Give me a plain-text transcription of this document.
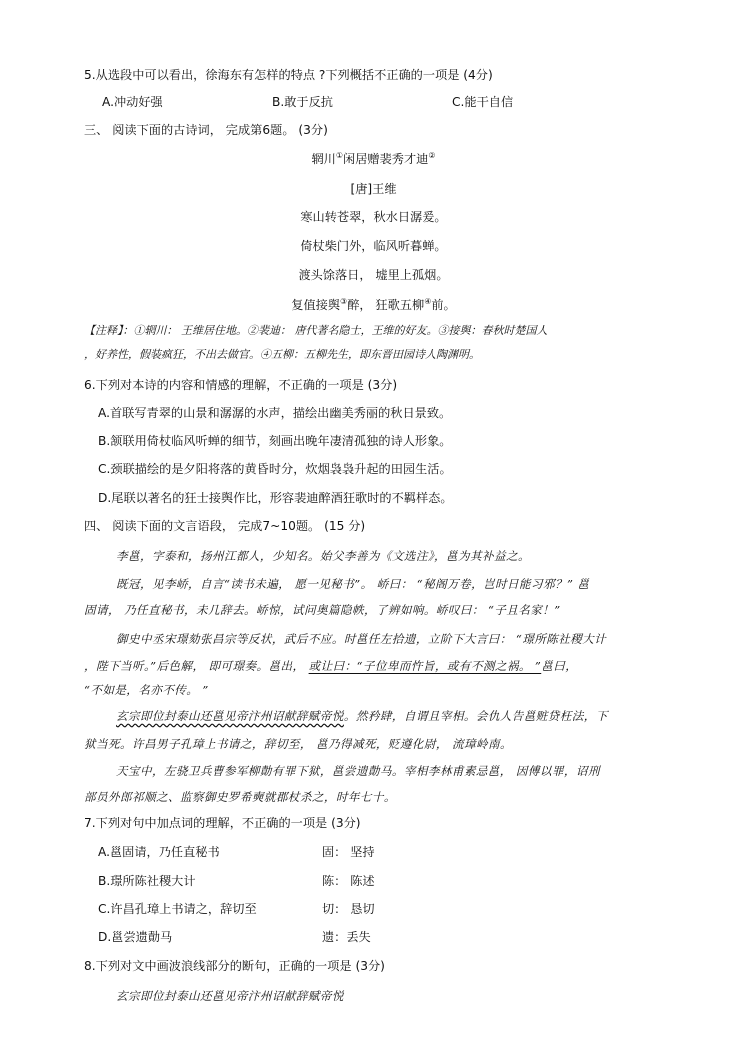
5.从选段中可以看出，徐海东有怎样的特点 ?下列概括不正确的一项是 (4分)
A.冲动好强	B.敢于反抗	C.能干自信
三、 阅读下面的古诗词， 完成第6题。 (3分)
辋川①闲居赠裴秀才迪②
[唐]王维
寒山转苍翠，秋水日潺爰。
倚杖柴门外，临风听暮蝉。
渡头馀落日， 墟里上孤烟。
复值接舆③醉， 狂歌五柳④前。
【注释】：①辋川： 王维居住地。②裴迪： 唐代著名隐士，王维的好友。③接舆：春秋时楚国人
，好养性，假装疯狂，不出去做官。④五柳：五柳先生，即东晋田园诗人陶渊明。
6.下列对本诗的内容和情感的理解，不正确的一项是 (3分)
A.首联写青翠的山景和潺潺的水声，描绘出幽美秀丽的秋日景致。
B.颔联用倚杖临风听蝉的细节，刻画出晚年凄清孤独的诗人形象。
C.颈联描绘的是夕阳将落的黄昏时分，炊烟袅袅升起的田园生活。
D.尾联以著名的狂士接舆作比，形容裴迪醉酒狂歌时的不羁样态。
四、 阅读下面的文言语段， 完成7~10题。 (15 分)
李邕，字泰和，扬州江都人，少知名。始父李善为《文选注》，邕为其补益之。
既冠，见李峤，自言“读书未遍， 愿一见秘书”。 峤曰： “秘阁万卷，岂时日能习邪？” 邕
固请， 乃任直秘书，未几辞去。峤惊，试问奥篇隐帙，了辨如响。峤叹曰： “子且名家！”
御史中丞宋璟劾张昌宗等反状，武后不应。时邕任左拾遗，立阶下大言曰： “璟所陈社稷大计
，陛下当听。”后色解， 即可璟奏。邕出， 或让曰：“子位卑而忤旨，或有不测之祸。 ”邕曰，
“不如是，名亦不传。 ”
玄宗即位封泰山还邕见帝汴州诏献辞赋帝悦。然矜肆，自谓且宰相。会仇人告邕赃贷枉法，下
狱当死。许昌男子孔璋上书请之，辞切至， 邕乃得减死，贬遵化尉， 流璋岭南。
天宝中，左骁卫兵曹参军柳勣有罪下狱，邕尝遗勣马。宰相李林甫素忌邕， 因傅以罪，诏刑
部员外郎祁顺之、监察御史罗希奭就郡杖杀之，时年七十。
7.下列对句中加点词的理解，不正确的一项是 (3分)
A.邕固请，乃任直秘书	固： 坚持
B.璟所陈社稷大计	陈： 陈述
C.许昌孔璋上书请之，辞切至	切： 恳切
D.邕尝遗勣马	遗：丢失
8.下列对文中画波浪线部分的断句，正确的一项是 (3分)
玄宗即位封泰山还邕见帝汴州诏献辞赋帝悦
